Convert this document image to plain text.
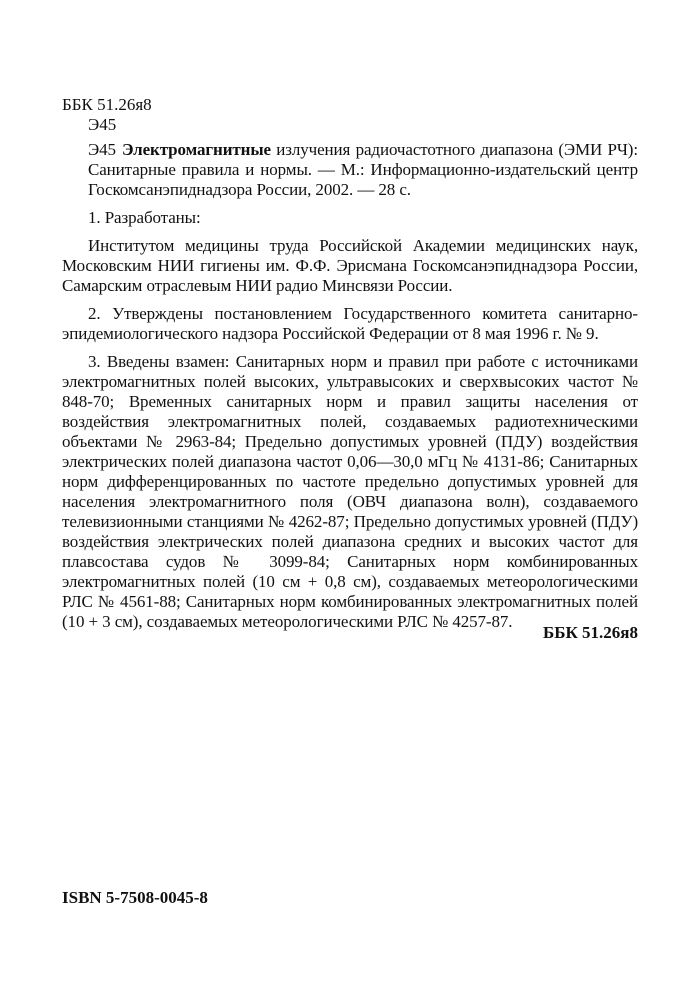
ББК 51.26я8
Э45

Э45 Электромагнитные излучения радиочастотного диапазона (ЭМИ РЧ): Санитарные правила и нормы. — М.: Информационно-издательский центр Госкомсанэпиднадзора России, 2002. — 28 с.

1. Разработаны:

Институтом медицины труда Российской Академии медицинских наук, Московским НИИ гигиены им. Ф.Ф. Эрисмана Госкомсанэпиднадзора России, Самарским отраслевым НИИ радио Минсвязи России.

2. Утверждены постановлением Государственного комитета санитарно-эпидемиологического надзора Российской Федерации от 8 мая 1996 г. № 9.

3. Введены взамен: Санитарных норм и правил при работе с источниками электромагнитных полей высоких, ультравысоких и сверхвысоких частот № 848-70; Временных санитарных норм и правил защиты населения от воздействия электромагнитных полей, создаваемых радиотехническими объектами № 2963-84; Предельно допустимых уровней (ПДУ) воздействия электрических полей диапазона частот 0,06—30,0 мГц № 4131-86; Санитарных норм дифференцированных по частоте предельно допустимых уровней для населения электромагнитного поля (ОВЧ диапазона волн), создаваемого телевизионными станциями № 4262-87; Предельно допустимых уровней (ПДУ) воздействия электрических полей диапазона средних и высоких частот для плавсостава судов № 3099-84; Санитарных норм комбинированных электромагнитных полей (10 см + 0,8 см), создаваемых метеорологическими РЛС № 4561-88; Санитарных норм комбинированных электромагнитных полей (10 + 3 см), создаваемых метеорологическими РЛС № 4257-87.

ББК 51.26я8
ISBN 5-7508-0045-8
